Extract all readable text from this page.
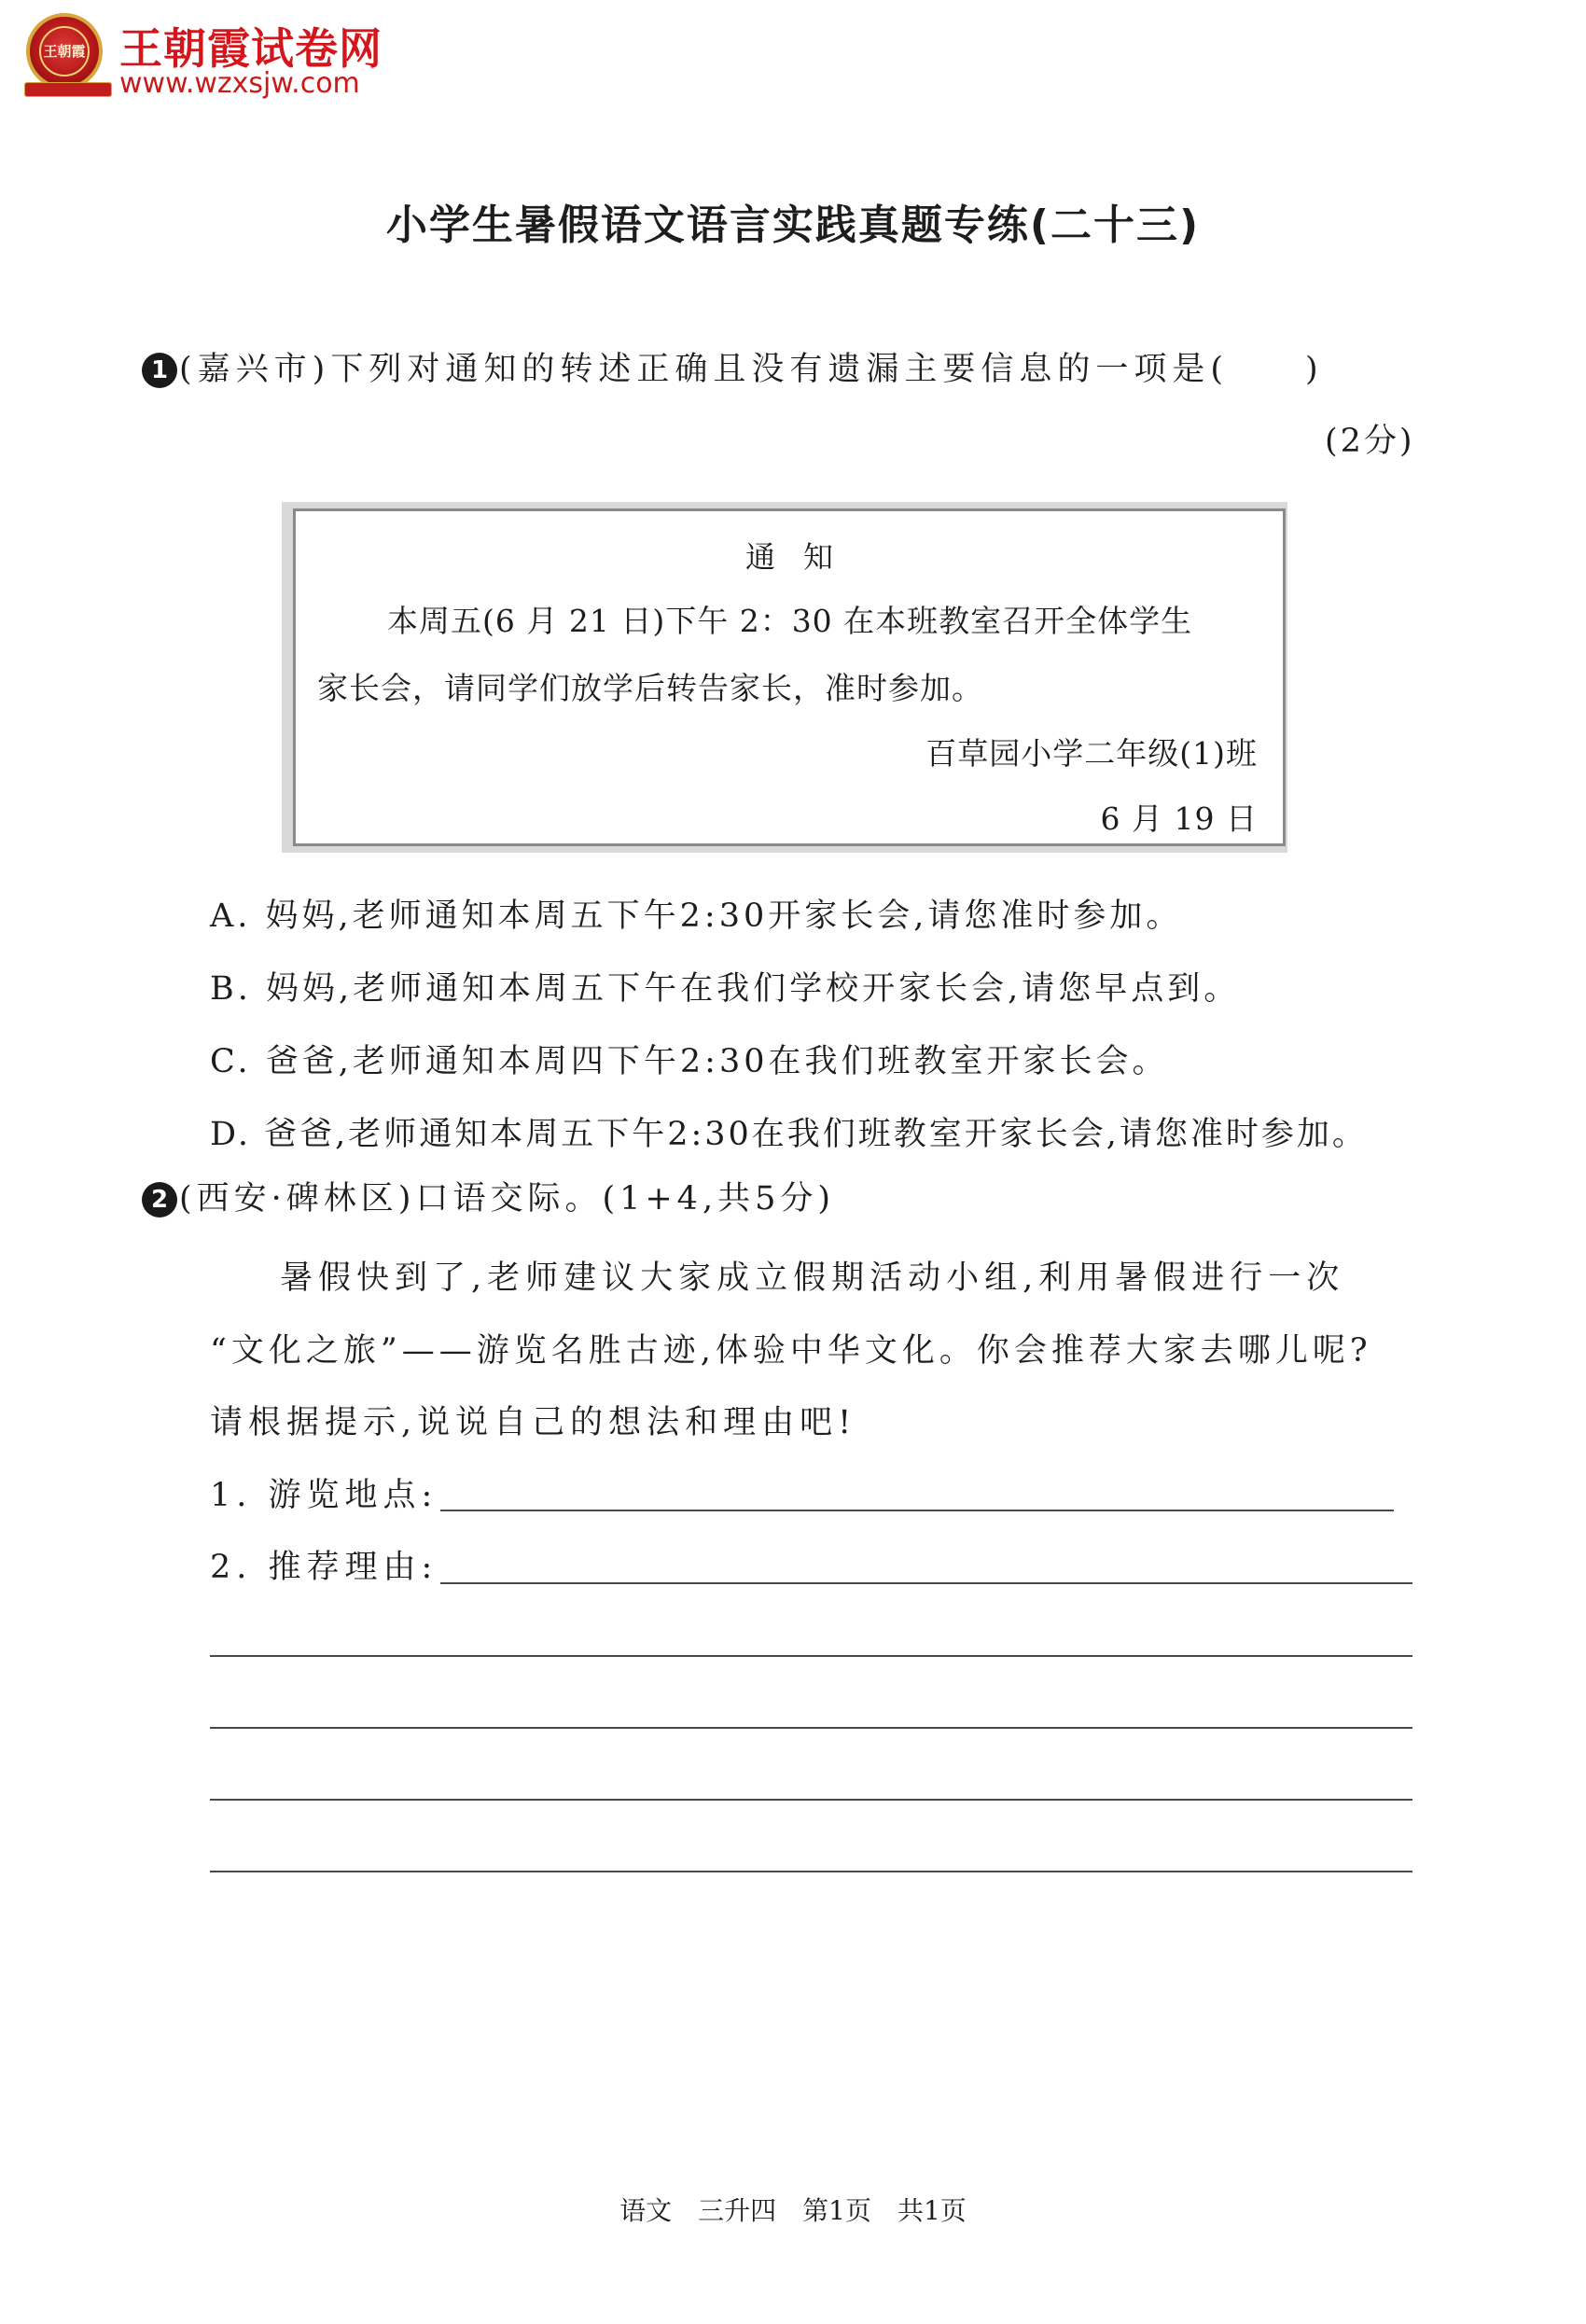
王朝霞 王朝霞试卷网
www.wzxsjw.com
小学生暑假语文语言实践真题专练(二十三)
1 (嘉兴市)下列对通知的转述正确且没有遗漏主要信息的一项是(　　)
(2分)
通知
本周五(6 月 21 日)下午 2：30 在本班教室召开全体学生
家长会，请同学们放学后转告家长，准时参加。
百草园小学二年级(1)班
6 月 19 日
A. 妈妈,老师通知本周五下午2:30开家长会,请您准时参加。
B. 妈妈,老师通知本周五下午在我们学校开家长会,请您早点到。
C. 爸爸,老师通知本周四下午2:30在我们班教室开家长会。
D. 爸爸,老师通知本周五下午2:30在我们班教室开家长会,请您准时参加。
2 (西安·碑林区)口语交际。(1+4,共5分)
暑假快到了,老师建议大家成立假期活动小组,利用暑假进行一次
“文化之旅”——游览名胜古迹,体验中华文化。你会推荐大家去哪儿呢?
请根据提示,说说自己的想法和理由吧!
1. 游览地点:
2. 推荐理由:
语文　三升四　第1页　共1页
